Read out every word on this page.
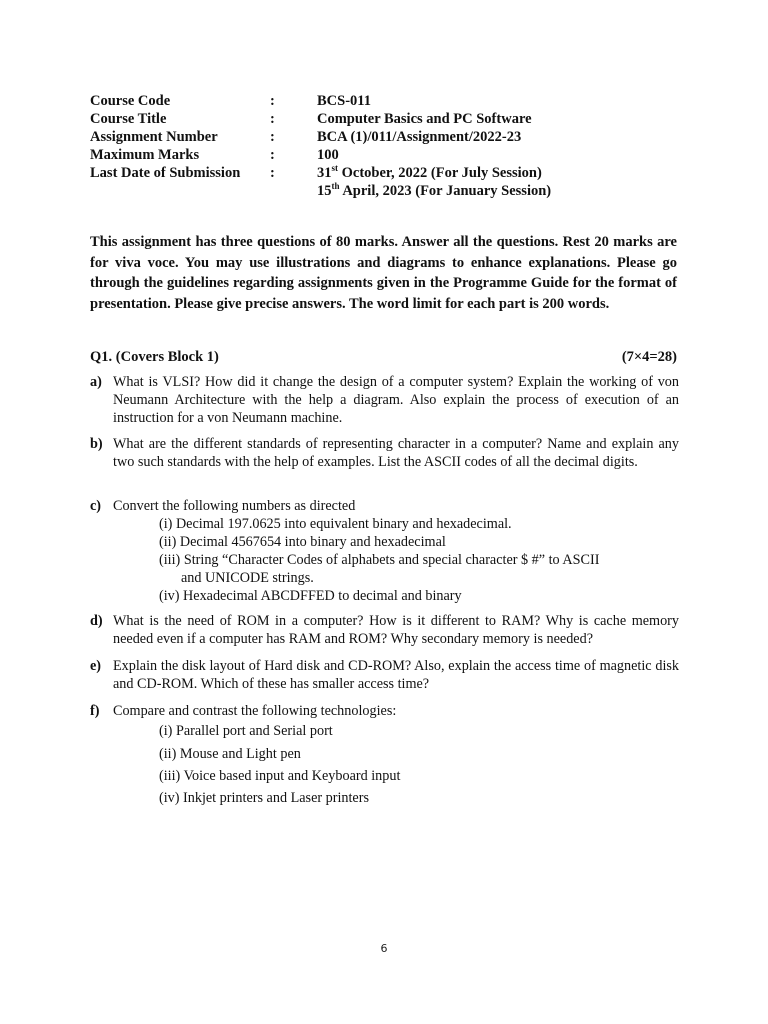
Course Code	:	BCS-011
Course Title	:	Computer Basics and PC Software
Assignment Number	:	BCA (1)/011/Assignment/2022-23
Maximum Marks	:	100
Last Date of Submission :	31st October, 2022 (For July Session)
15th April, 2023 (For January Session)

This assignment has three questions of 80 marks. Answer all the questions. Rest 20 marks are for viva voce. You may use illustrations and diagrams to enhance explanations. Please go through the guidelines regarding assignments given in the Programme Guide for the format of presentation. Please give precise answers. The word limit for each part is 200 words.

Q1. (Covers Block 1)	(7×4=28)
a) What is VLSI? How did it change the design of a computer system? Explain the working of von Neumann Architecture with the help a diagram. Also explain the process of execution of an instruction for a von Neumann machine.
b) What are the different standards of representing character in a computer? Name and explain any two such standards with the help of examples. List the ASCII codes of all the decimal digits.
c) Convert the following numbers as directed
(i) Decimal 197.0625 into equivalent binary and hexadecimal.
(ii) Decimal 4567654 into binary and hexadecimal
(iii) String “Character Codes of alphabets and special character $ #” to ASCII
and UNICODE strings.
(iv) Hexadecimal ABCDFFED to decimal and binary
d) What is the need of ROM in a computer? How is it different to RAM? Why is cache memory needed even if a computer has RAM and ROM? Why secondary memory is needed?
e) Explain the disk layout of Hard disk and CD-ROM? Also, explain the access time of magnetic disk and CD-ROM. Which of these has smaller access time?
f) Compare and contrast the following technologies:
(i) Parallel port and Serial port
(ii) Mouse and Light pen
(iii) Voice based input and Keyboard input
(iv) Inkjet printers and Laser printers
6
